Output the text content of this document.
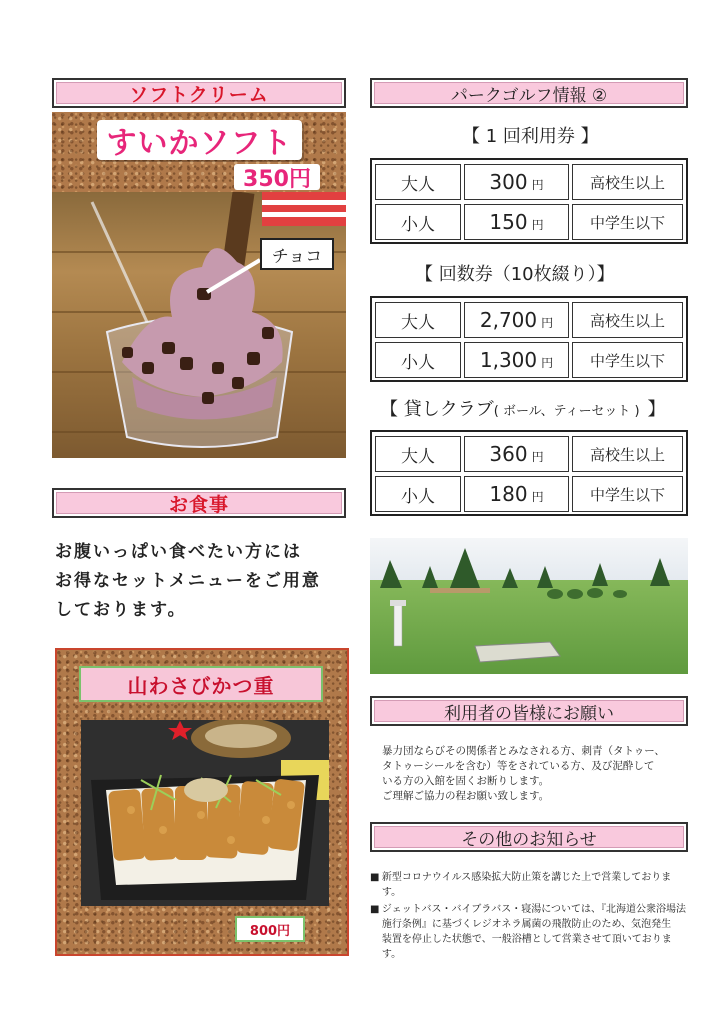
ソフトクリーム
すいかソフト
350円
チョコ
お食事
お腹いっぱい食べたい方には
お得なセットメニューをご用意
しております。
山わさびかつ重
800円
パークゴルフ情報 ②
【 1 回利用券 】
大人	300 円	高校生以上
小人	150 円	中学生以下
【 回数券（10枚綴り）】
大人	2,700 円	高校生以上
小人	1,300 円	中学生以下
【 貸しクラブ( ボール、ティーセット ) 】
大人	360 円	高校生以上
小人	180 円	中学生以下
利用者の皆様にお願い
暴力団ならびその関係者とみなされる方、刺青（タトゥー、
タトゥーシールを含む）等をされている方、及び泥酔して
いる方の入館を固くお断りします。
ご理解ご協力の程お願い致します。
その他のお知らせ
■ 新型コロナウイルス感染拡大防止策を講じた上で営業しております。
■ ジェットバス・バイブラバス・寝湯については、『北海道公衆浴場法
施行条例』に基づくレジオネラ属菌の飛散防止のため、気泡発生
装置を停止した状態で、一般浴槽として営業させて頂いております。
